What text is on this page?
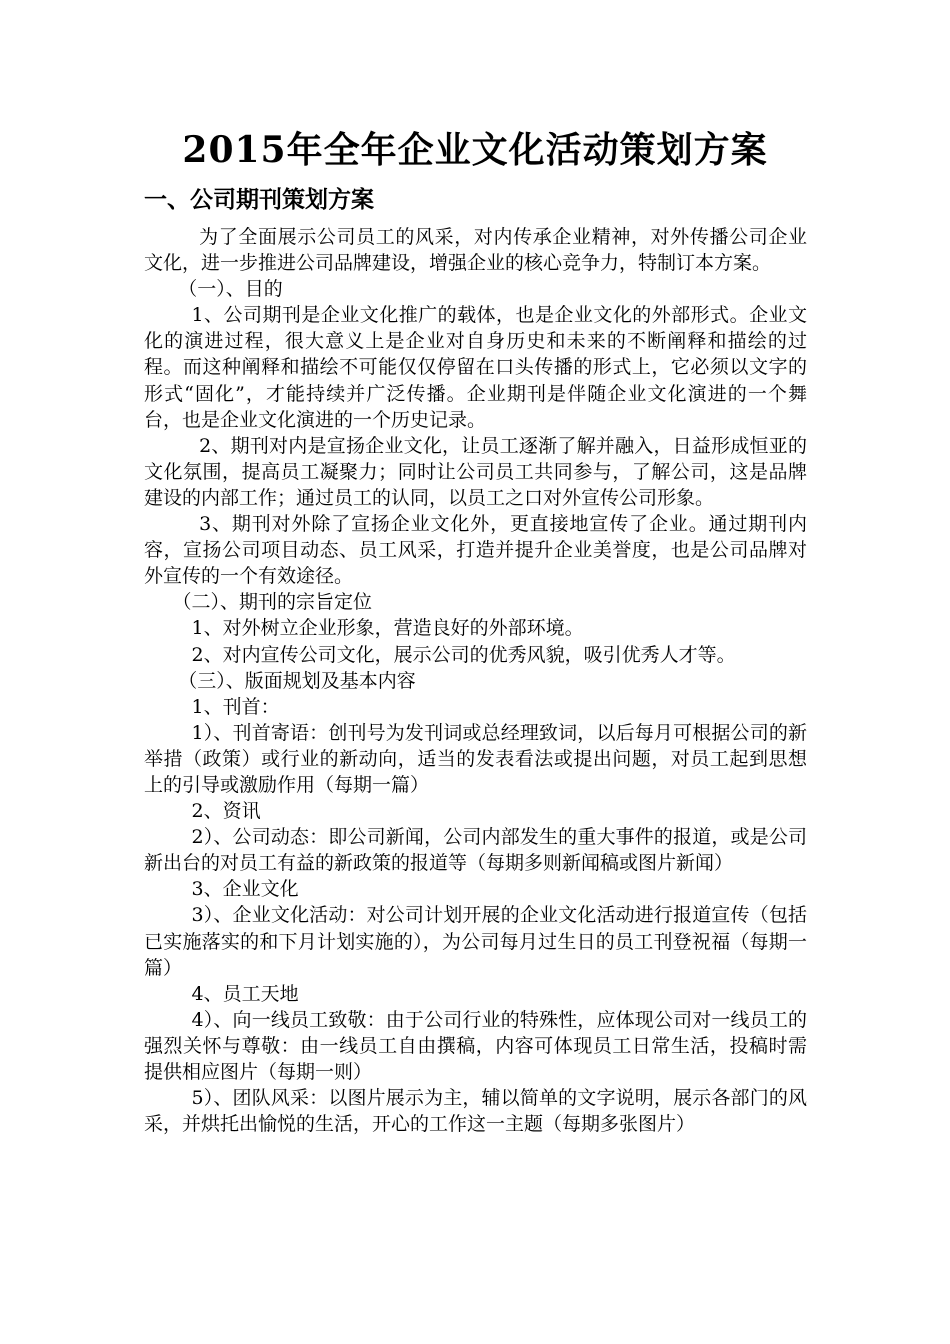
2015年全年企业文化活动策划方案
一、公司期刊策划方案

为了全面展示公司员工的风采，对内传承企业精神，对外传播公司企业文化，进一步推进公司品牌建设，增强企业的核心竞争力，特制订本方案。

（一）、目的

1、公司期刊是企业文化推广的载体，也是企业文化的外部形式。企业文化的演进过程，很大意义上是企业对自身历史和未来的不断阐释和描绘的过程。而这种阐释和描绘不可能仅仅停留在口头传播的形式上，它必须以文字的形式“固化”，才能持续并广泛传播。企业期刊是伴随企业文化演进的一个舞台，也是企业文化演进的一个历史记录。

2、期刊对内是宣扬企业文化，让员工逐渐了解并融入，日益形成恒亚的文化氛围，提高员工凝聚力；同时让公司员工共同参与，了解公司，这是品牌建设的内部工作；通过员工的认同，以员工之口对外宣传公司形象。

3、期刊对外除了宣扬企业文化外，更直接地宣传了企业。通过期刊内容，宣扬公司项目动态、员工风采，打造并提升企业美誉度，也是公司品牌对外宣传的一个有效途径。

（二）、期刊的宗旨定位

1、对外树立企业形象，营造良好的外部环境。

2、对内宣传公司文化，展示公司的优秀风貌，吸引优秀人才等。

（三）、版面规划及基本内容

1、刊首：

1）、刊首寄语：创刊号为发刊词或总经理致词，以后每月可根据公司的新举措（政策）或行业的新动向，适当的发表看法或提出问题，对员工起到思想上的引导或激励作用（每期一篇）

2、资讯

2）、公司动态：即公司新闻，公司内部发生的重大事件的报道，或是公司新出台的对员工有益的新政策的报道等（每期多则新闻稿或图片新闻）

3、企业文化

3）、企业文化活动：对公司计划开展的企业文化活动进行报道宣传（包括已实施落实的和下月计划实施的），为公司每月过生日的员工刊登祝福（每期一篇）

4、员工天地

4）、向一线员工致敬：由于公司行业的特殊性，应体现公司对一线员工的强烈关怀与尊敬：由一线员工自由撰稿，内容可体现员工日常生活，投稿时需提供相应图片（每期一则）

5）、团队风采：以图片展示为主，辅以简单的文字说明，展示各部门的风采，并烘托出愉悦的生活，开心的工作这一主题（每期多张图片）
